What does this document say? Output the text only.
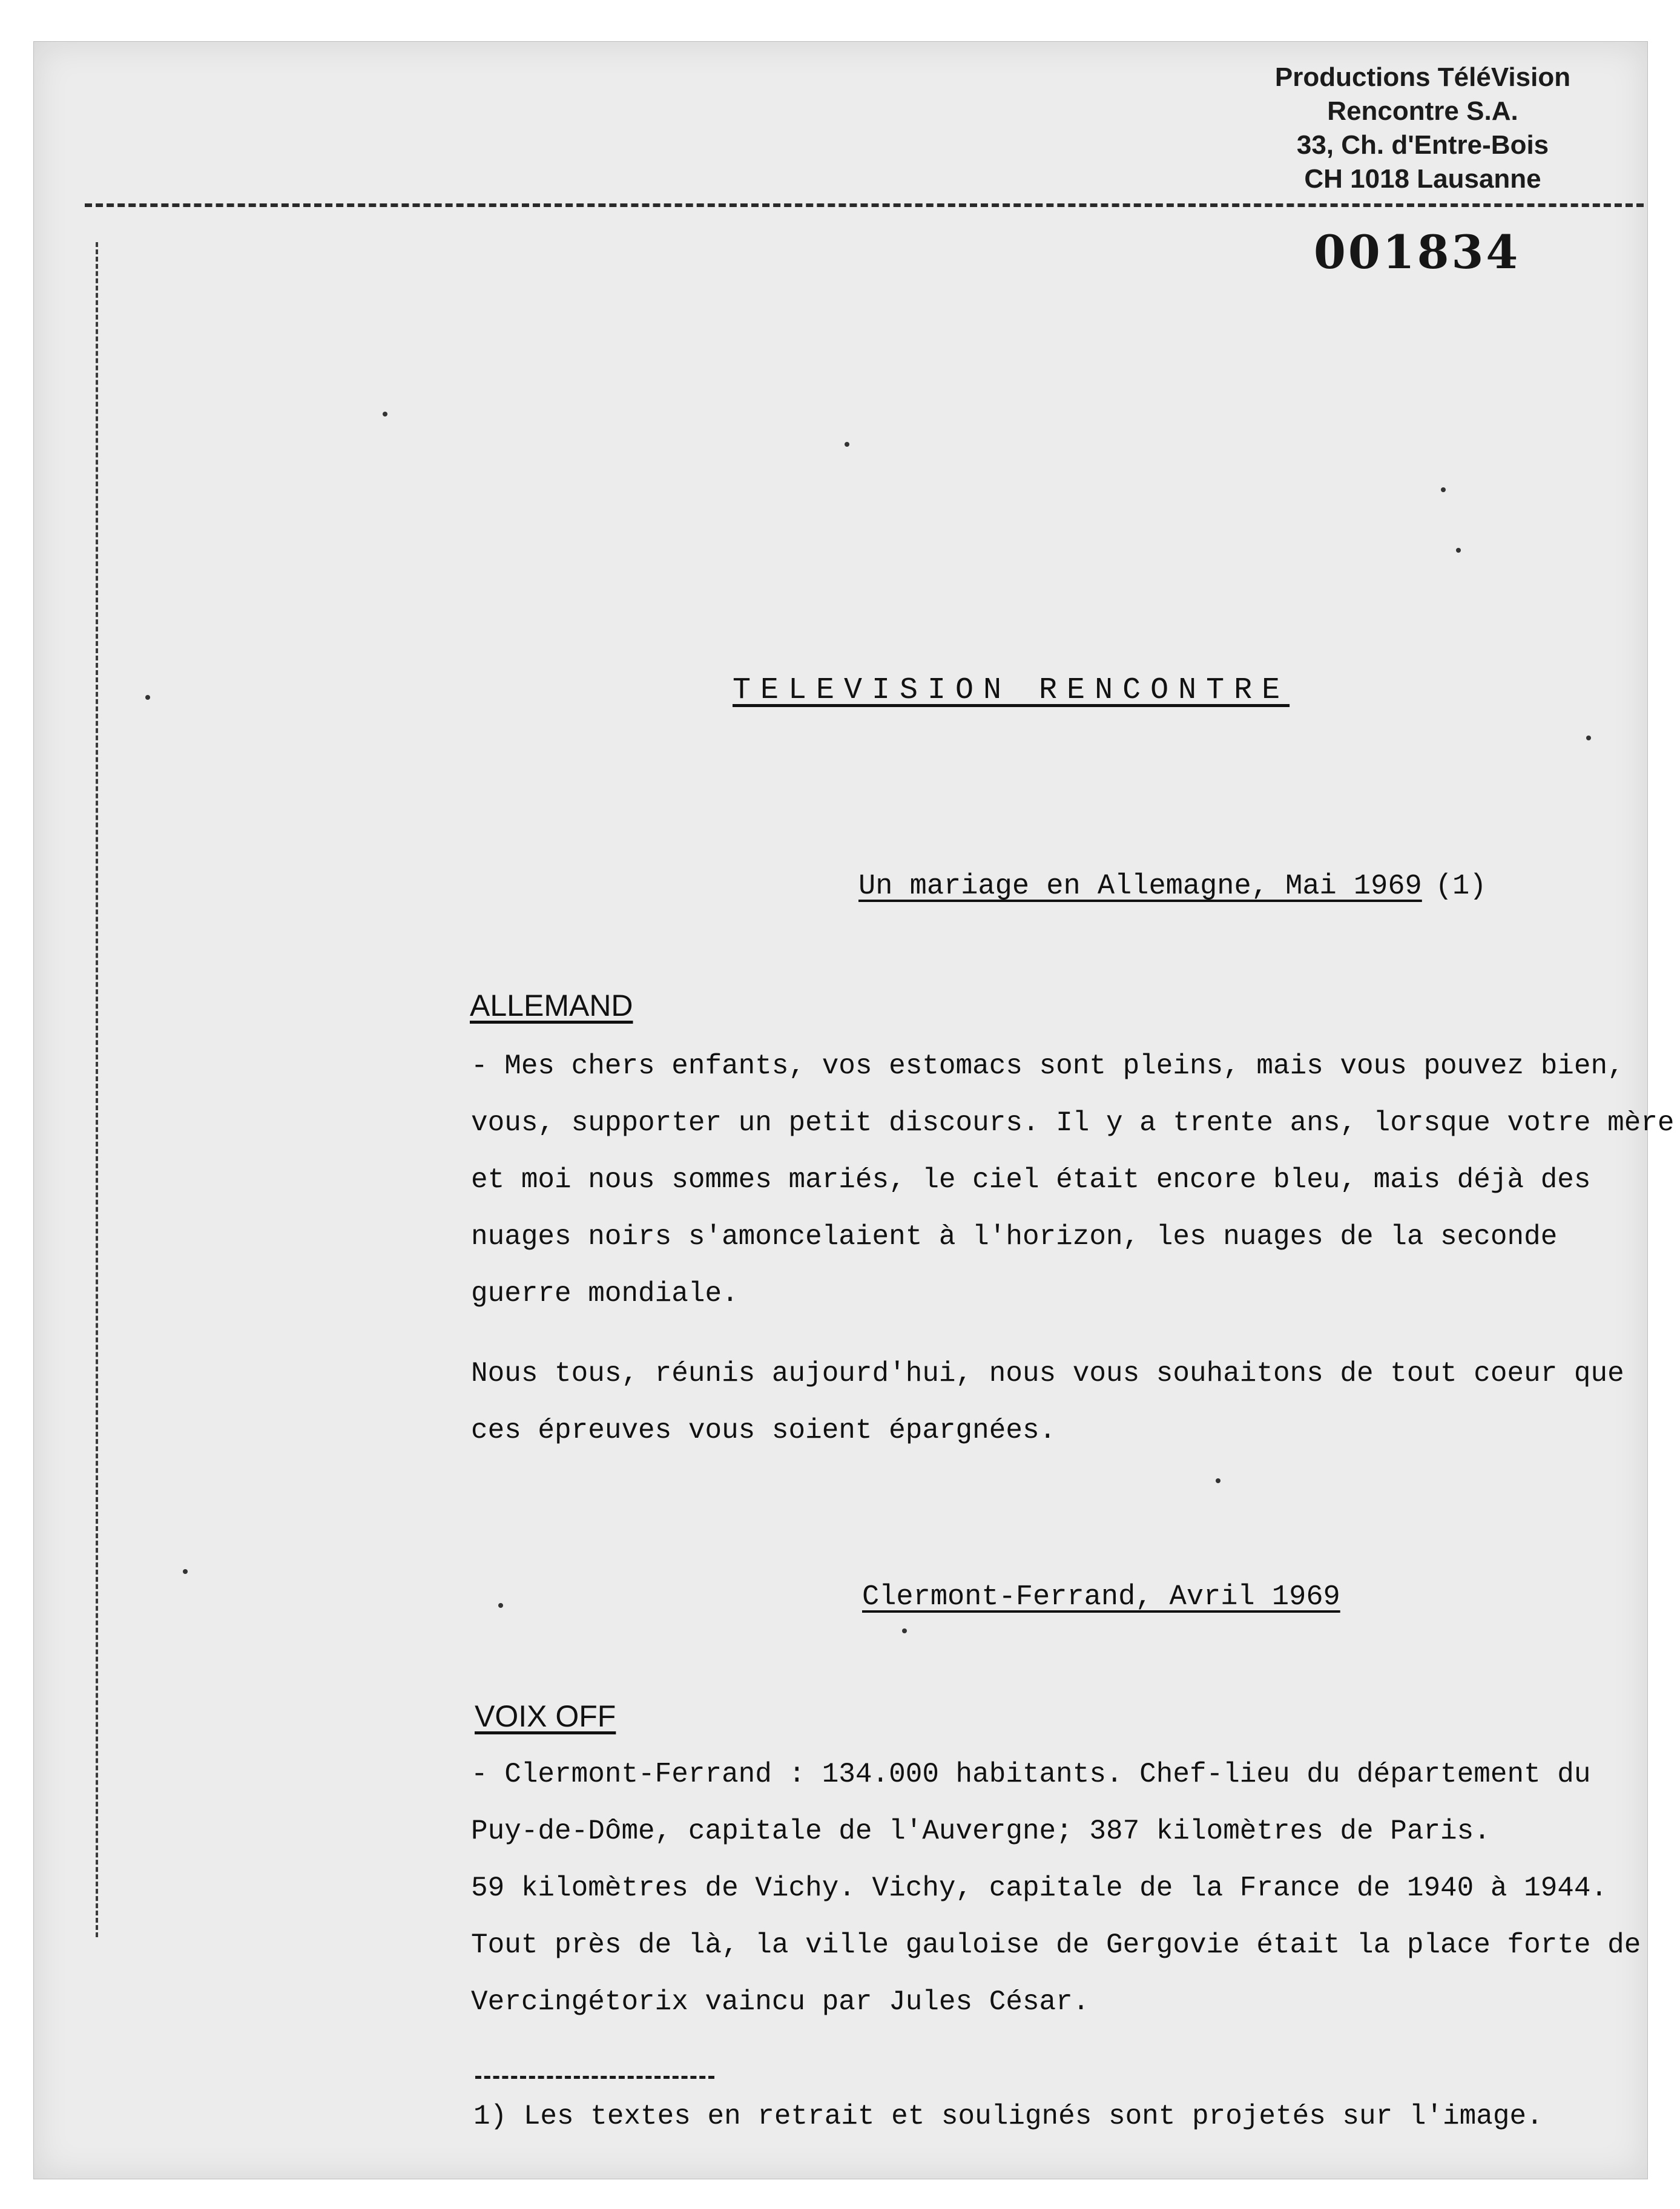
Productions TéléVision
Rencontre S.A.
33, Ch. d'Entre-Bois
CH 1018 Lausanne
001834
TELEVISION RENCONTRE
Un mariage en Allemagne, Mai 1969 (1)
ALLEMAND
- Mes chers enfants, vos estomacs sont pleins, mais vous pouvez bien,
vous, supporter un petit discours. Il y a trente ans, lorsque votre mère
et moi nous sommes mariés, le ciel était encore bleu, mais déjà des
nuages noirs s'amoncelaient à l'horizon, les nuages de la seconde
guerre mondiale.
Nous tous, réunis aujourd'hui, nous vous souhaitons de tout coeur que
ces épreuves vous soient épargnées.
Clermont-Ferrand, Avril 1969
VOIX OFF
- Clermont-Ferrand : 134.000 habitants. Chef-lieu du département du
Puy-de-Dôme, capitale de l'Auvergne; 387 kilomètres de Paris.
59 kilomètres de Vichy. Vichy, capitale de la France de 1940 à 1944.
Tout près de là, la ville gauloise de Gergovie était la place forte de
Vercingétorix vaincu par Jules César.
1) Les textes en retrait et soulignés sont projetés sur l'image.
